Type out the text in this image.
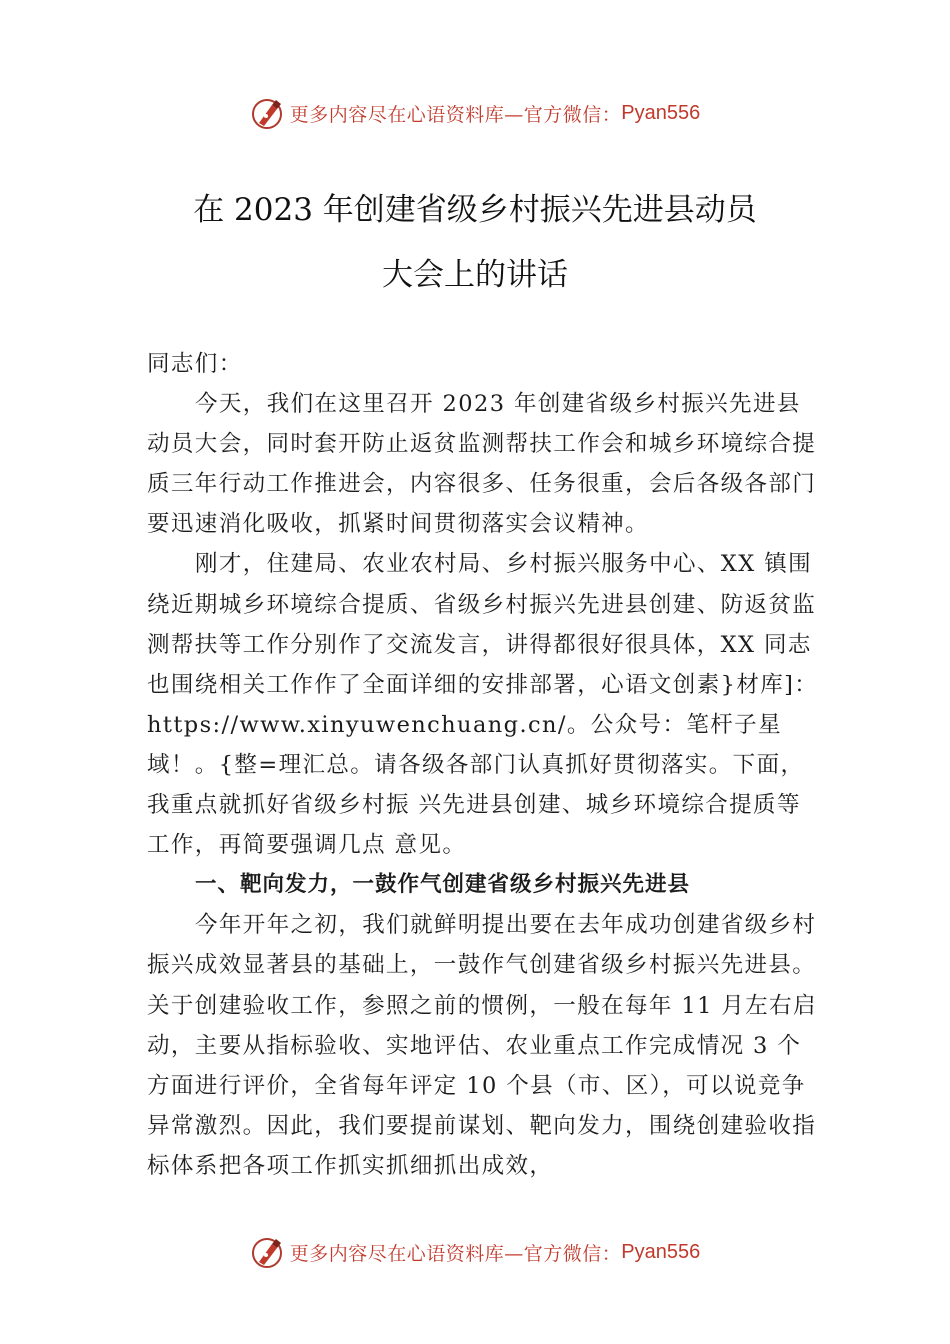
更多内容尽在心语资料库—官方微信： Pyan556
在 2023 年创建省级乡村振兴先进县动员
大会上的讲话

同志们：

今天，我们在这里召开 2023 年创建省级乡村振兴先进县动员大会，同时套开防止返贫监测帮扶工作会和城乡环境综合提质三年行动工作推进会，内容很多、任务很重，会后各级各部门要迅速消化吸收，抓紧时间贯彻落实会议精神。

刚才，住建局、农业农村局、乡村振兴服务中心、XX 镇围绕近期城乡环境综合提质、省级乡村振兴先进县创建、防返贫监测帮扶等工作分别作了交流发言，讲得都很好很具体，XX 同志也围绕相关工作作了全面详细的安排部署，心语文创素}材库]：https://www.xinyuwenchuang.cn/。公众号：笔杆子星域！。{整=理汇总。请各级各部门认真抓好贯彻落实。下面，我重点就抓好省级乡村振 兴先进县创建、城乡环境综合提质等工作，再简要强调几点 意见。

一、靶向发力，一鼓作气创建省级乡村振兴先进县

今年开年之初，我们就鲜明提出要在去年成功创建省级乡村振兴成效显著县的基础上，一鼓作气创建省级乡村振兴先进县。关于创建验收工作，参照之前的惯例，一般在每年 11 月左右启动，主要从指标验收、实地评估、农业重点工作完成情况 3 个方面进行评价，全省每年评定 10 个县（市、区），可以说竞争异常激烈。因此，我们要提前谋划、靶向发力，围绕创建验收指标体系把各项工作抓实抓细抓出成效，

更多内容尽在心语资料库—官方微信： Pyan556
